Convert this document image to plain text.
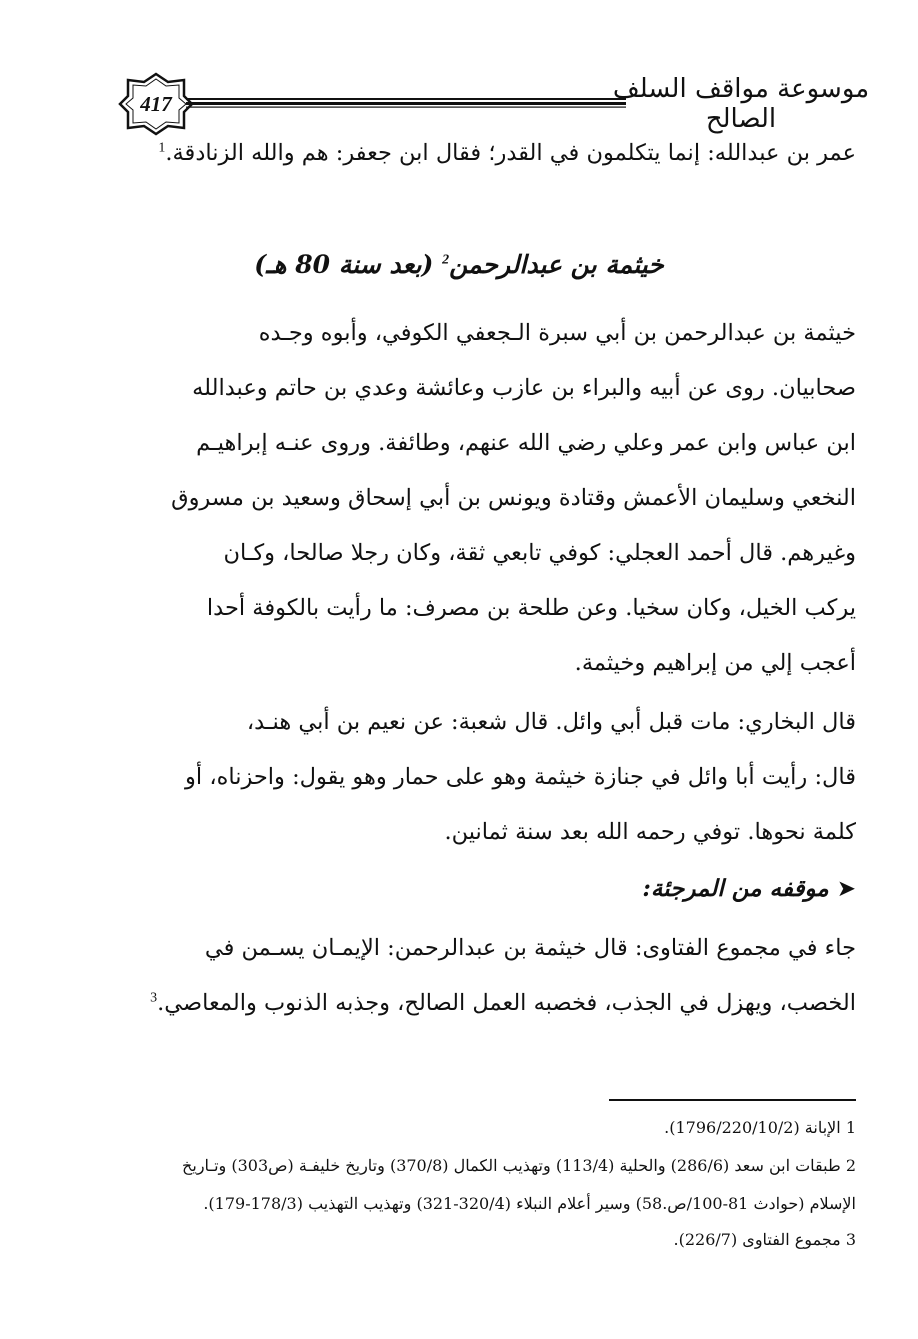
417	موسوعة مواقف السلف الصالح
عمر بن عبدالله: إنما يتكلمون في القدر؛ فقال ابن جعفر: هم والله الزنادقة.$^1$
خيثمة بن عبدالرحمن$^2$ (بعد سنة 80 هـ)
خيثمة بن عبدالرحمن بن أبي سبرة الـجعفي الكوفي، وأبوه وجـده
صحابيان. روى عن أبيه والبراء بن عازب وعائشة وعدي بن حاتم وعبدالله
ابن عباس وابن عمر وعلي رضي الله عنهم، وطائفة. وروى عنـه إبراهيـم
النخعي وسليمان الأعمش وقتادة ويونس بن أبي إسحاق وسعيد بن مسروق
وغيرهم. قال أحمد العجلي: كوفي تابعي ثقة، وكان رجلا صالحا، وكـان
يركب الخيل، وكان سخيا. وعن طلحة بن مصرف: ما رأيت بالكوفة أحدا
أعجب إلي من إبراهيم وخيثمة.
قال البخاري: مات قبل أبي وائل. قال شعبة: عن نعيم بن أبي هنـد،
قال: رأيت أبا وائل في جنازة خيثمة وهو على حمار وهو يقول: واحزناه، أو
كلمة نحوها. توفي رحمه الله بعد سنة ثمانين.
➤موقفه من المرجئة:
جاء في مجموع الفتاوى: قال خيثمة بن عبدالرحمن: الإيمـان يسـمن في
الخصب، ويهزل في الجذب، فخصبه العمل الصالح، وجذبه الذنوب والمعاصي.$^3$
1 الإبانة (1796/220/10/2).
2 طبقات ابن سعد (286/6) والحلية (113/4) وتهذيب الكمال (370/8) وتاريخ خليفـة (ص303) وتـاريخ
الإسلام (حوادث 81-100/ص.58) وسير أعلام النبلاء (320/4-321) وتهذيب التهذيب (178/3-179).
3 مجموع الفتاوى (226/7).
